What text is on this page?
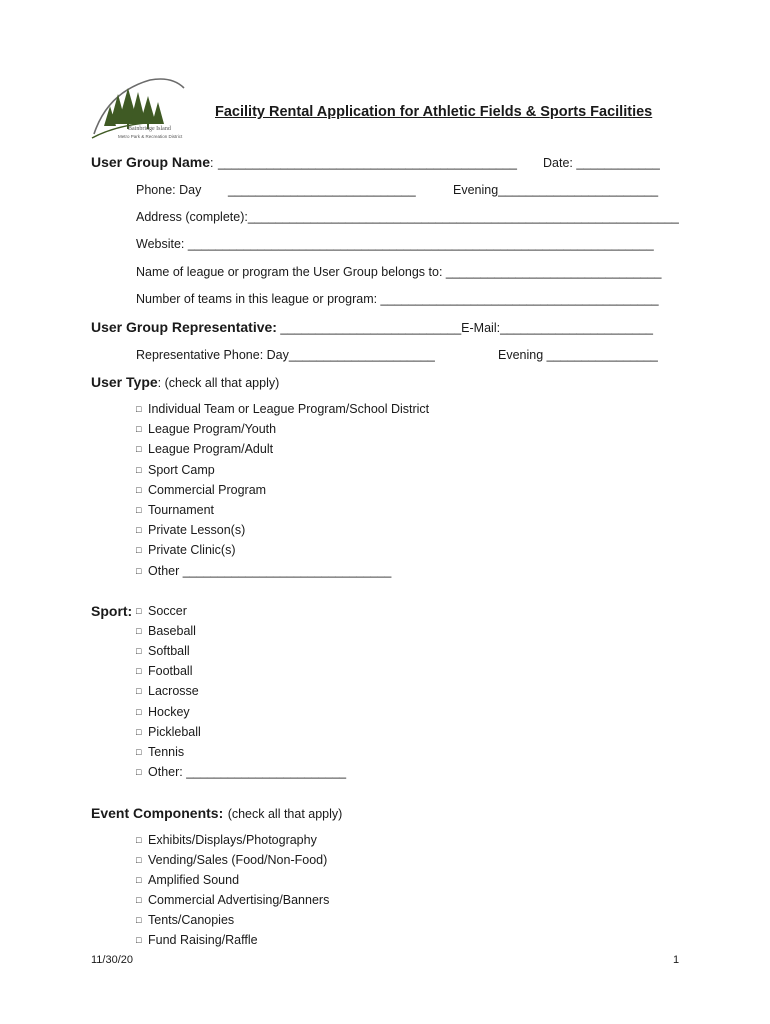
Bainbridge Island
Metro Park & Recreation District
Facility Rental Application for Athletic Fields & Sports Facilities
User Group Name: ___________________________________________ Date: ____________
Phone: Day ___________________________	Evening_______________________
Address (complete):______________________________________________________________
Website: ___________________________________________________________________
Name of league or program the User Group belongs to: _______________________________
Number of teams in this league or program: ________________________________________
User Group Representative: __________________________E-Mail:______________________
Representative Phone: Day_____________________	Evening ________________
User Type: (check all that apply)
□ Individual Team or League Program/School District
□ League Program/Youth
□ League Program/Adult
□ Sport Camp
□ Commercial Program
□ Tournament
□ Private Lesson(s)
□ Private Clinic(s)
□ Other ______________________________
Sport: □ Soccer
□ Baseball
□ Softball
□ Football
□ Lacrosse
□ Hockey
□ Pickleball
□ Tennis
□ Other: _______________________
Event Components: (check all that apply)
□ Exhibits/Displays/Photography
□ Vending/Sales (Food/Non-Food)
□ Amplified Sound
□ Commercial Advertising/Banners
□ Tents/Canopies
□ Fund Raising/Raffle
11/30/20	1
